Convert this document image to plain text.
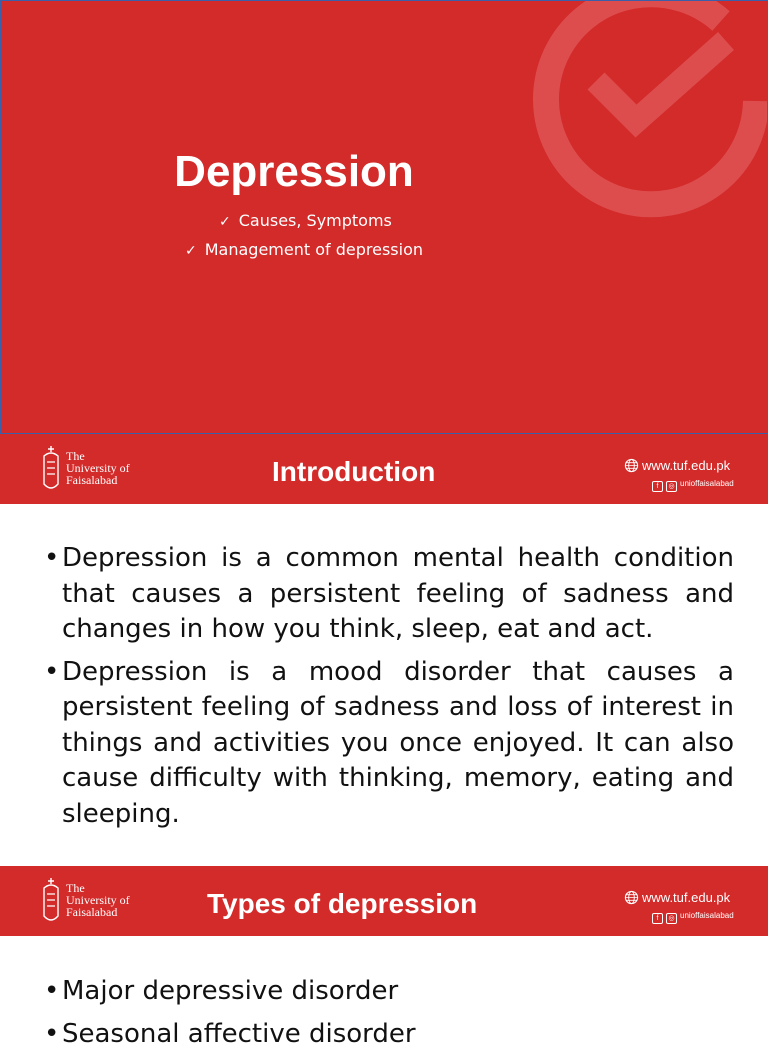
Depression
✓ Causes, Symptoms
✓ Management of depression
The
University of
Faisalabad	Introduction	www.tuf.edu.pk
f ◎ unioffaisalabad
• Depression is a common mental health condition that causes a persistent feeling of sadness and changes in how you think, sleep, eat and act.
• Depression is a mood disorder that causes a persistent feeling of sadness and loss of interest in things and activities you once enjoyed. It can also cause difficulty with thinking, memory, eating and sleeping.
The
University of
Faisalabad	Types of depression	www.tuf.edu.pk
f ◎ unioffaisalabad
• Major depressive disorder
• Seasonal affective disorder
